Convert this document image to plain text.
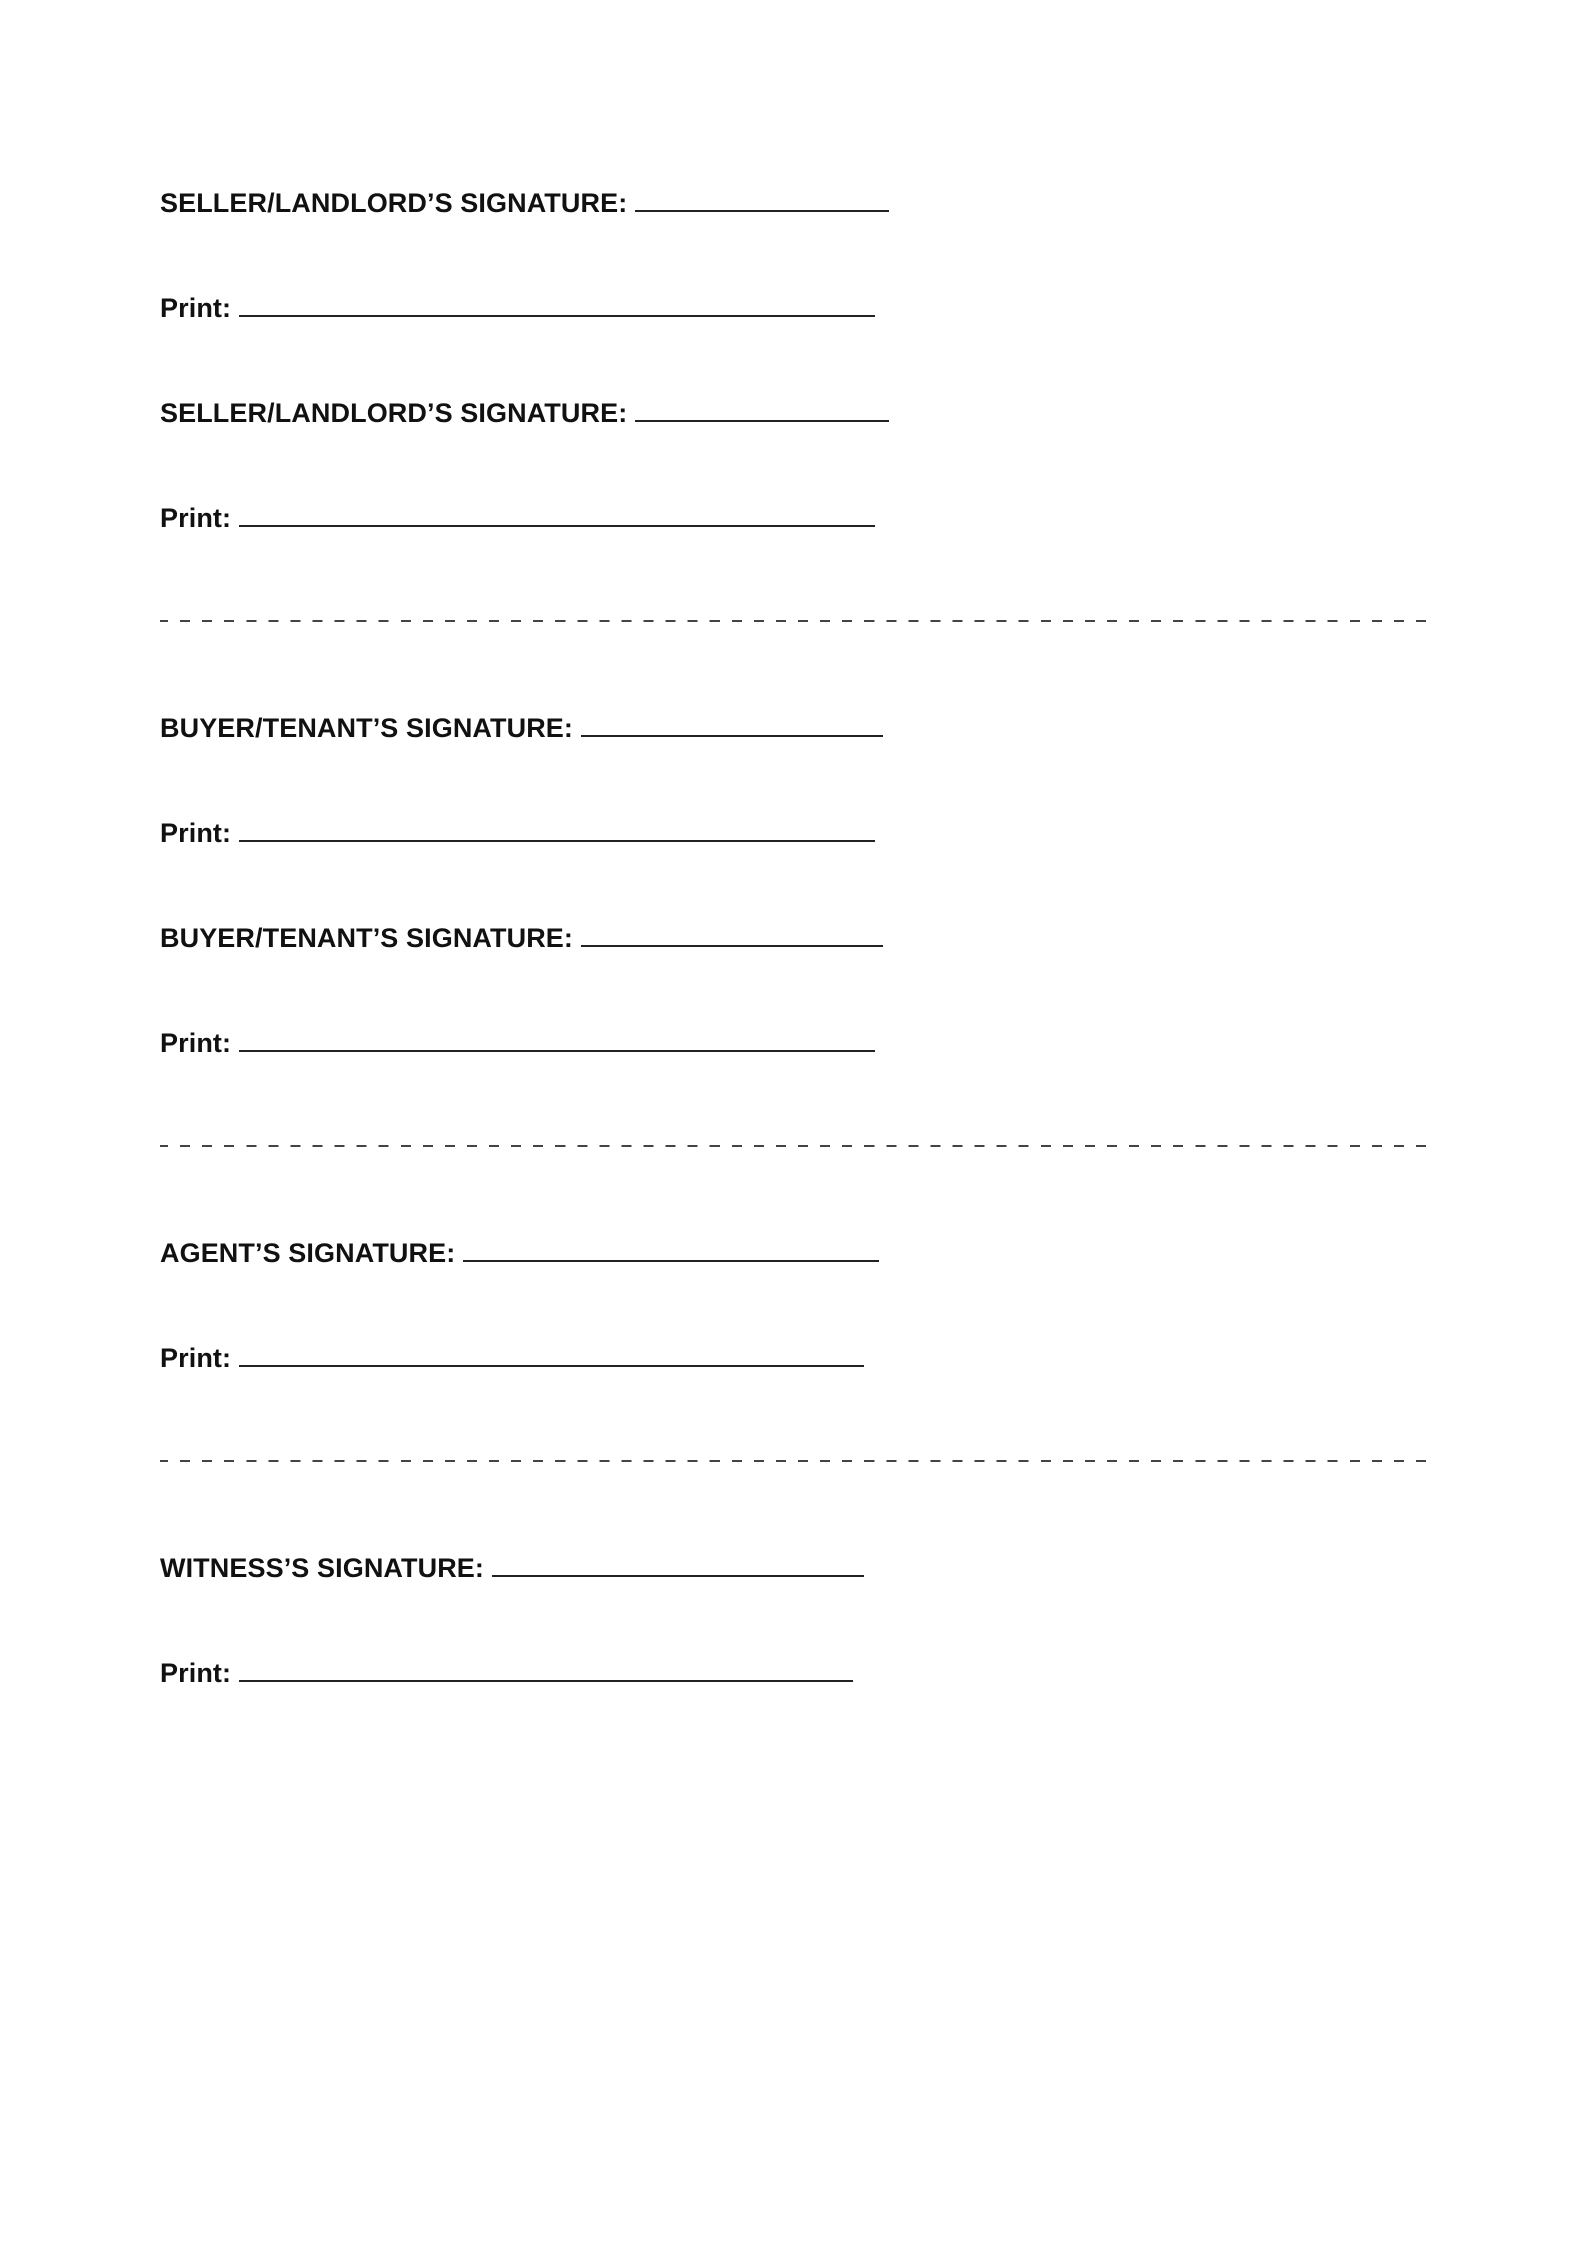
SELLER/LANDLORD’S SIGNATURE:
Print:
SELLER/LANDLORD’S SIGNATURE:
Print:
BUYER/TENANT’S SIGNATURE:
Print:
BUYER/TENANT’S SIGNATURE:
Print:
AGENT’S SIGNATURE:
Print:
WITNESS’S SIGNATURE:
Print:
